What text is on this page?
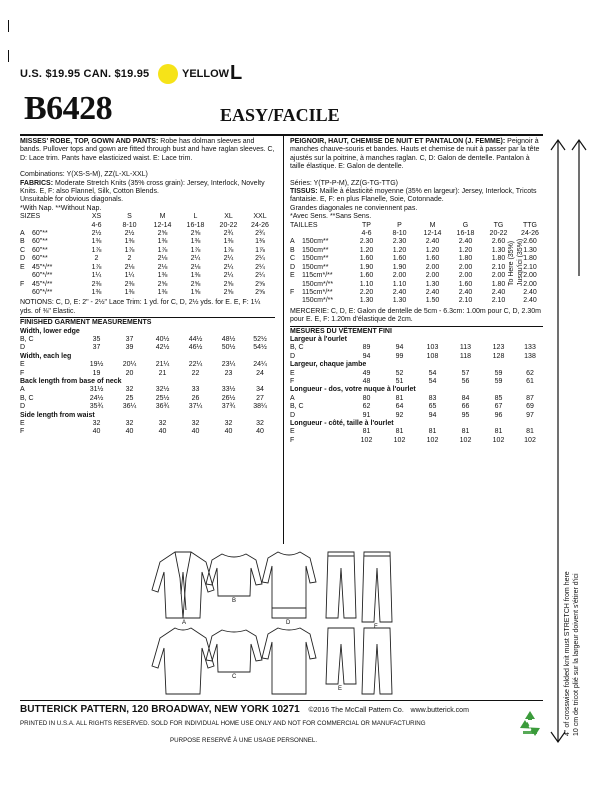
U.S. $19.95 CAN. $19.95	YELLOW L
B6428	EASY/FACILE
MISSES' ROBE, TOP, GOWN AND PANTS: Robe has dolman sleeves and bands. Pullover tops and gown are fitted through bust and have raglan sleeves. C, D: Lace trim. Pants have elasticized waist. E: Lace trim.
Combinations: Y(XS-S-M), ZZ(L-XL-XXL)
FABRICS: Moderate Stretch Knits (35% cross grain): Jersey, Interlock, Novelty Knits. E, F: also Flannel, Silk, Cotton Blends.
Unsuitable for obvious diagonals.
*With Nap. **Without Nap.
SIZES	XS	S	M	L	XL	XXL
4-6	8-10	12-14	16-18	20-22	24-26
A	60"**	2½	2½	2⅝	2⅝	2¾	2¾
B	60"**	1⅜	1⅜	1⅜	1⅜	1⅜	1⅜
C 60"**	1⅞	1⅞	1⅞	1⅞	1⅞	1⅞
D 60"**	2	2	2⅛	2¼	2¼	2¼
E	45"*/**	1⅞	2⅛	2⅛	2⅛	2¼	2¼
60"*/**	1¼	1¼	1⅜	1⅜	2¼	2¼
F	45"*/**	2⅜	2⅜	2⅝	2⅝	2⅝	2⅝
60"*/**	1⅜	1⅜	1⅜	1⅝	2⅝	2⅝
NOTIONS: C, D, E: 2" - 2½" Lace Trim: 1 yd. for C, D, 2½ yds. for E. E, F: 1¼ yds. of ⅜" Elastic.
FINISHED GARMENT MEASUREMENTS
Width, lower edge
B, C	35	37	40½	44½	48½	52½
D	37	39	42½	46½	50½	54½
Width, each leg
E	19½	20¼	21¼	22¼	23¼	24¼
F	19	20	21	22	23	24
Back length from base of neck
A	31½	32	32½	33	33½	34
B, C	24½	25	25½	26	26½	27
D	35¾	36¼	36¾	37¼	37¾	38¼
Side length from waist
E	32	32	32	32	32	32
F	40	40	40	40	40	40
PEIGNOIR, HAUT, CHEMISE DE NUIT ET PANTALON (J. FEMME): Peignoir à manches chauve-souris et bandes. Hauts et chemise de nuit à passer par la tête ajustés sur la poitrine, à manches raglan. C, D: Galon de dentelle. Pantalon à taille élastique. E: Galon de dentelle.
Séries: Y(TP-P-M), ZZ(G-TG-TTG)
TISSUS: Maille à élasticité moyenne (35% en largeur): Jersey, Interlock, Tricots fantaisie. E, F: en plus Flanelle, Soie, Cotonnade.
Grandes diagonales ne conviennent pas.
*Avec Sens. **Sans Sens.
TAILLES	TP	P	M	G	TG	TTG
4-6	8-10	12-14	16-18	20-22	24-26
A	150cm**	2.30	2.30	2.40	2.40	2.60	2.60
B	150cm**	1.20	1.20	1.20	1.20	1.30	1.30
C 150cm**	1.60	1.60	1.60	1.80	1.80	1.80
D 150cm**	1.90	1.90	2.00	2.00	2.10	2.10
E	115cm*/**	1.60	2.00	2.00	2.00	2.00	2.00
150cm*/**	1.10	1.10	1.30	1.60	1.80	2.00
F	115cm*/**	2.20	2.40	2.40	2.40	2.40	2.40
150cm*/**	1.30	1.30	1.50	2.10	2.10	2.40
MERCERIE: C, D, E: Galon de dentelle de 5cm - 6.3cm: 1.00m pour C, D, 2.30m pour E. E, F: 1.20m d'élastique de 2cm.
MESURES DU VÊTEMENT FINI
Largeur à l'ourlet
B, C	89	94	103	113	123	133
D	94	99	108	118	128	138
Largeur, chaque jambe
E	49	52	54	57	59	62
F	48	51	54	56	59	61
Longueur - dos, votre nuque à l'ourlet
A	80	81	83	84	85	87
B, C	62	64	65	66	67	69
D	91	92	94	95	96	97
Longueur - côté, taille à l'ourlet
E	81	81	81	81	81	81
F	102	102	102	102	102	102
To Here (35%) Jusqu'ici (35%)
4" of crosswise folded knit must STRETCH from here 10 cm de tricot plié sur la largeur doivent s'étirer d'ici
A
B
C
D
E
F
BUTTERICK PATTERN, 120 BROADWAY, NEW YORK 10271 ©2016 The McCall Pattern Co. www.butterick.com
PRINTED IN U.S.A. ALL RIGHTS RESERVED. SOLD FOR INDIVIDUAL HOME USE ONLY AND NOT FOR COMMERCIAL OR MANUFACTURING
PURPOSE RESERVÉ À UNE USAGE PERSONNEL.
